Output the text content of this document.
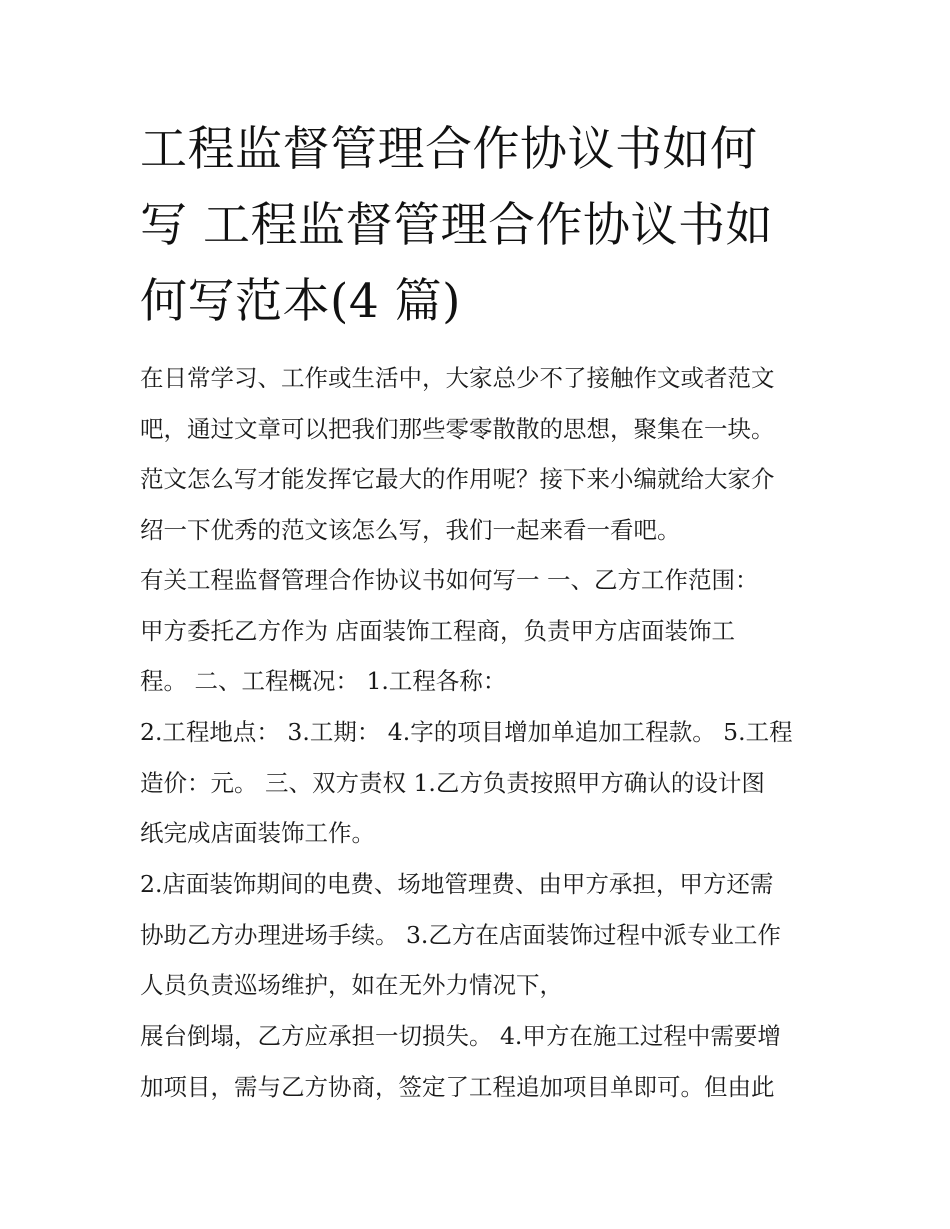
工程监督管理合作协议书如何
写 工程监督管理合作协议书如
何写范本(4 篇)
在日常学习、工作或生活中，大家总少不了接触作文或者范文
吧，通过文章可以把我们那些零零散散的思想，聚集在一块。
范文怎么写才能发挥它最大的作用呢？接下来小编就给大家介
绍一下优秀的范文该怎么写，我们一起来看一看吧。
有关工程监督管理合作协议书如何写一 一、乙方工作范围：
甲方委托乙方作为 店面装饰工程商，负责甲方店面装饰工
程。 二、工程概况： 1.工程各称：
2.工程地点： 3.工期： 4.字的项目增加单追加工程款。 5.工程
造价：元。 三、双方责权 1.乙方负责按照甲方确认的设计图
纸完成店面装饰工作。
2.店面装饰期间的电费、场地管理费、由甲方承担，甲方还需
协助乙方办理进场手续。 3.乙方在店面装饰过程中派专业工作
人员负责巡场维护，如在无外力情况下，
展台倒塌，乙方应承担一切损失。 4.甲方在施工过程中需要增
加项目，需与乙方协商，签定了工程追加项目单即可。但由此
